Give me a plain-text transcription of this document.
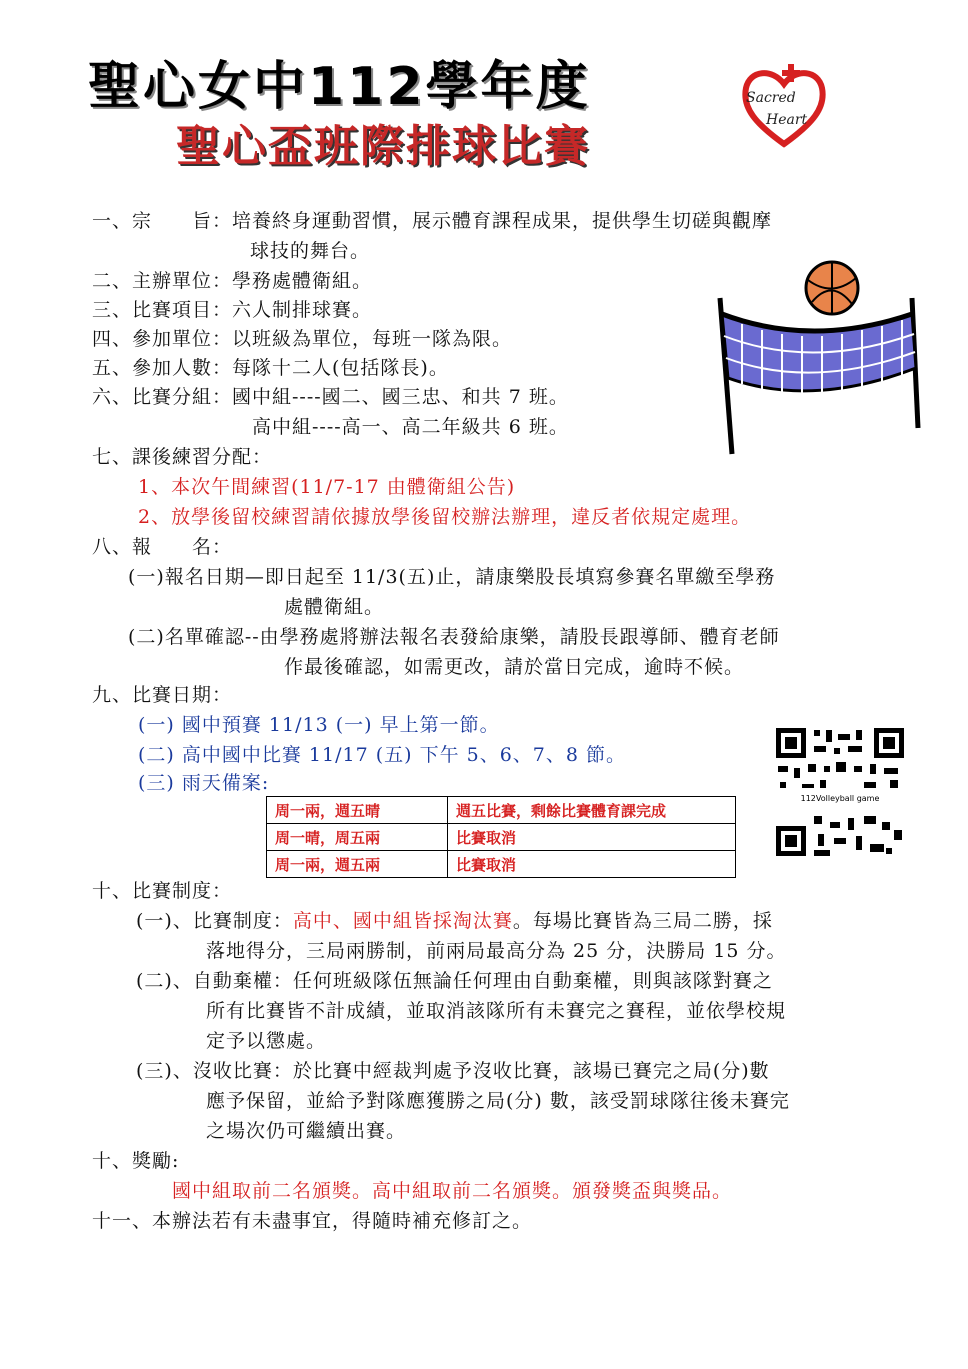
聖心女中112學年度
聖心盃班際排球比賽
Sacred
Heart
一、宗　　旨：培養終身運動習慣，展示體育課程成果，提供學生切磋與觀摩
球技的舞台。
二、主辦單位：學務處體衛組。
三、比賽項目：六人制排球賽。
四、參加單位：以班級為單位，每班一隊為限。
五、參加人數：每隊十二人(包括隊長)。
六、比賽分組：國中組----國二、國三忠、和共 7 班。
高中組----高一、高二年級共 6 班。
七、課後練習分配：
1、本次午間練習(11/7-17 由體衛組公告)
2、放學後留校練習請依據放學後留校辦法辦理，違反者依規定處理。
八、報　　名：
(一)報名日期—即日起至 11/3(五)止，請康樂股長填寫參賽名單繳至學務
處體衛組。
(二)名單確認--由學務處將辦法報名表發給康樂，請股長跟導師、體育老師
作最後確認，如需更改，請於當日完成，逾時不候。
九、比賽日期：
(一) 國中預賽 11/13 (一) 早上第一節。
(二) 高中國中比賽 11/17 (五) 下午 5、6、7、8 節。
(三) 雨天備案:
周一兩，週五晴	週五比賽，剩餘比賽體育課完成
周一晴，周五兩	比賽取消
周一兩，週五兩	比賽取消
112Volleyball game
十、比賽制度：
(一)、比賽制度：高中、國中組皆採淘汰賽。每場比賽皆為三局二勝，採
落地得分，三局兩勝制，前兩局最高分為 25 分，決勝局 15 分。
(二)、自動棄權：任何班級隊伍無論任何理由自動棄權，則與該隊對賽之
所有比賽皆不計成績，並取消該隊所有未賽完之賽程，並依學校規
定予以懲處。
(三)、沒收比賽：於比賽中經裁判處予沒收比賽，該場已賽完之局(分)數
應予保留，並給予對隊應獲勝之局(分) 數，該受罰球隊往後未賽完
之場次仍可繼續出賽。
十、獎勵:
國中組取前二名頒獎。高中組取前二名頒獎。頒發獎盃與獎品。
十一、本辦法若有未盡事宜，得隨時補充修訂之。
